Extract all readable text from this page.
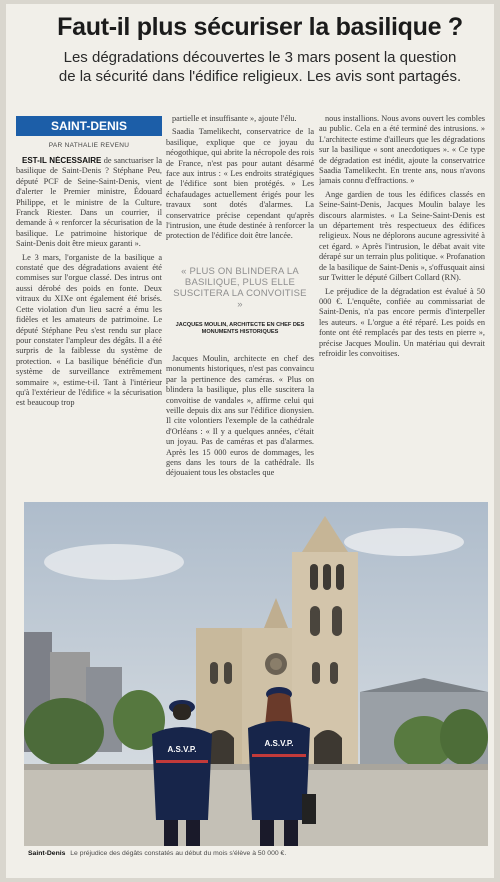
Faut-il plus sécuriser la basilique ?
Les dégradations découvertes le 3 mars posent la question
de la sécurité dans l'édifice religieux. Les avis sont partagés.
SAINT-DENIS
PAR NATHALIE REVENU

EST-IL NÉCESSAIRE de sanctuariser la basilique de Saint-Denis ? Stéphane Peu, député PCF de Seine-Saint-Denis, vient d'alerter le Premier ministre, Édouard Philippe, et le ministre de la Culture, Franck Riester. Dans un courrier, il demande à « renforcer la sécurisation de la basilique. Le patrimoine historique de Saint-Denis doit être mieux garanti ».

Le 3 mars, l'organiste de la basilique a constaté que des dégradations avaient été commises sur l'orgue classé. Des intrus ont aussi dérobé des poids en fonte. Deux vitraux du XIXe ont également été brisés. Cette violation d'un lieu sacré a ému les fidèles et les amateurs de patrimoine. Le député Stéphane Peu s'est rendu sur place pour constater l'ampleur des dégâts. Il a été surpris de la faiblesse du système de protection. « La basilique bénéficie d'un système de surveillance extrêmement sommaire », estime-t-il. Tant à l'intérieur qu'à l'extérieur de l'édifice « la sécurisation est beaucoup trop

partielle et insuffisante », ajoute l'élu.

Saadia Tamelikecht, conservatrice de la basilique, explique que ce joyau du néogothique, qui abrite la nécropole des rois de France, n'est pas pour autant désarmé face aux intrus : « Les endroits stratégiques de l'édifice sont bien protégés. » Les échafaudages actuellement érigés pour les travaux sont dotés d'alarmes. La conservatrice précise cependant qu'après l'intrusion, une étude destinée à renforcer la protection de l'édifice doit être lancée.

« PLUS ON BLINDERA LA BASILIQUE, PLUS ELLE SUSCITERA LA CONVOITISE »
JACQUES MOULIN, ARCHITECTE EN CHEF DES MONUMENTS HISTORIQUES

Jacques Moulin, architecte en chef des monuments historiques, n'est pas convaincu par la pertinence des caméras. « Plus on blindera la basilique, plus elle suscitera la convoitise de vandales », affirme celui qui veille depuis dix ans sur l'édifice dionysien. Il cite volontiers l'exemple de la cathédrale d'Orléans : « Il y a quelques années, c'était un joyau. Pas de caméras et pas d'alarmes. Après les 15 000 euros de dommages, les gens dans les tours de la cathédrale. Ils déjouaient tous les obstacles que

nous installions. Nous avons ouvert les combles au public. Cela en a été terminé des intrusions. » L'architecte estime d'ailleurs que les dégradations sur la basilique « sont anecdotiques ». « Ce type de dégradation est inédit, ajoute la conservatrice Saadia Tamelikecht. En trente ans, nous n'avons jamais connu d'effractions. »

Ange gardien de tous les édifices classés en Seine-Saint-Denis, Jacques Moulin balaye les discours alarmistes. « La Seine-Saint-Denis est un département très respectueux des édifices religieux. Nous ne déplorons aucune agressivité à cet égard. » Après l'intrusion, le débat avait vite dérapé sur un terrain plus politique. « Profanation de la basilique de Saint-Denis », s'offusquait ainsi sur Twitter le député Gilbert Collard (RN).

Le préjudice de la dégradation est évalué à 50 000 €. L'enquête, confiée au commissariat de Saint-Denis, n'a pas encore permis d'interpeller les auteurs. « L'orgue a été réparé. Les poids en fonte ont été remplacés par des tests en pierre », précise Jacques Moulin. Un matériau qui devrait refroidir les convoitises.

A.S.V.P.
A.S.V.P.
Saint-Denis Le préjudice des dégâts constatés au début du mois s'élève à 50 000 €.
